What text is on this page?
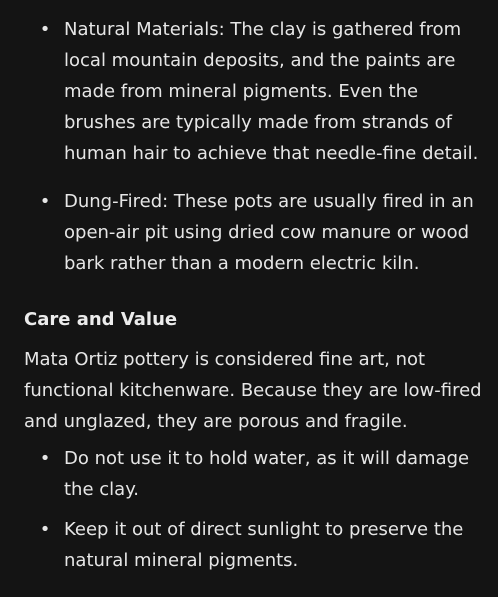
• Natural Materials: The clay is gathered from local mountain deposits, and the paints are made from mineral pigments. Even the brushes are typically made from strands of human hair to achieve that needle-fine detail.
• Dung-Fired: These pots are usually fired in an open-air pit using dried cow manure or wood bark rather than a modern electric kiln.
Care and Value

Mata Ortiz pottery is considered fine art, not functional kitchenware. Because they are low-fired and unglazed, they are porous and fragile.

• Do not use it to hold water, as it will damage the clay.
• Keep it out of direct sunlight to preserve the natural mineral pigments.
